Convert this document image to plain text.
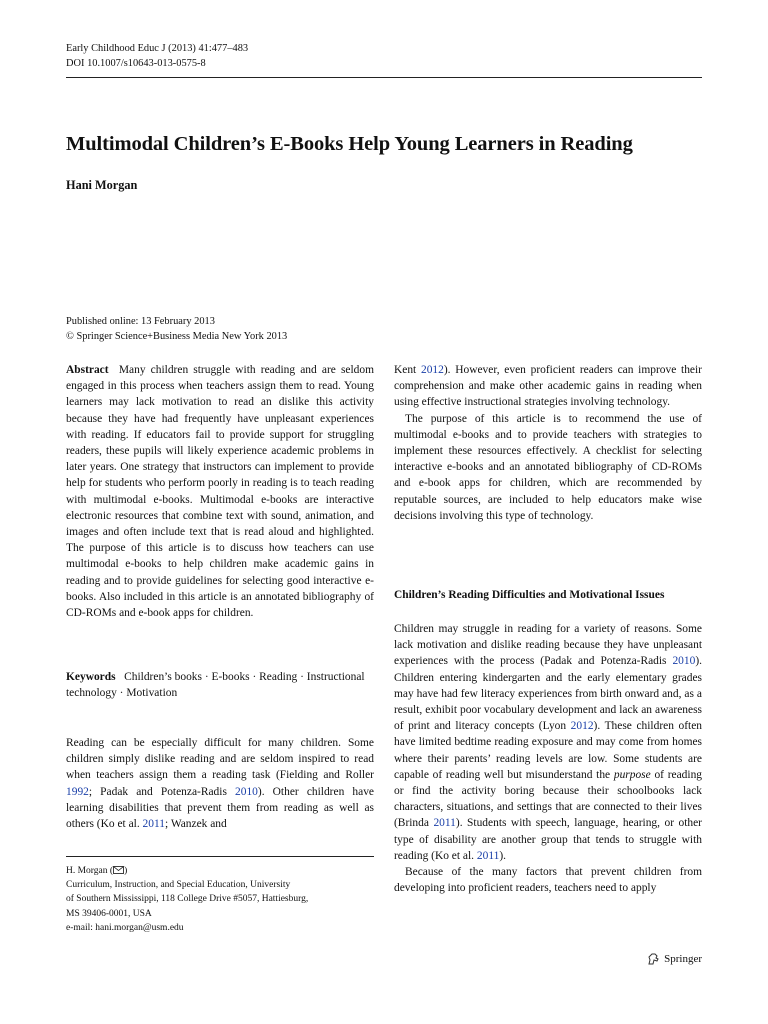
Early Childhood Educ J (2013) 41:477–483
DOI 10.1007/s10643-013-0575-8
Multimodal Children’s E-Books Help Young Learners in Reading
Hani Morgan
Published online: 13 February 2013
© Springer Science+Business Media New York 2013

Abstract Many children struggle with reading and are seldom engaged in this process when teachers assign them to read. Young learners may lack motivation to read an dislike this activity because they have had frequently have unpleasant experiences with reading. If educators fail to provide support for struggling readers, these pupils will likely experience academic problems in later years. One strategy that instructors can implement to provide help for students who perform poorly in reading is to teach reading with multimodal e-books. Multimodal e-books are interactive electronic resources that combine text with sound, animation, and images and often include text that is read aloud and highlighted. The purpose of this article is to discuss how teachers can use multimodal e-books to help children make academic gains in reading and to provide guidelines for selecting good interactive e-books. Also included in this article is an annotated bibliography of CD-ROMs and e-book apps for children.

Keywords Children’s books · E-books · Reading · Instructional technology · Motivation

Reading can be especially difficult for many children. Some children simply dislike reading and are seldom inspired to read when teachers assign them a reading task (Fielding and Roller 1992; Padak and Potenza-Radis 2010). Other children have learning disabilities that prevent them from reading as well as others (Ko et al. 2011; Wanzek and

H. Morgan ( )
Curriculum, Instruction, and Special Education, University
of Southern Mississippi, 118 College Drive #5057, Hattiesburg,
MS 39406-0001, USA
e-mail: hani.morgan@usm.edu

Kent 2012). However, even proficient readers can improve their comprehension and make other academic gains in reading when using effective instructional strategies involving technology.

The purpose of this article is to recommend the use of multimodal e-books and to provide teachers with strategies to implement these resources effectively. A checklist for selecting interactive e-books and an annotated bibliography of CD-ROMs and e-book apps for children, which are recommended by reputable sources, are included to help educators make wise decisions involving this type of technology.

Children’s Reading Difficulties and Motivational Issues

Children may struggle in reading for a variety of reasons. Some lack motivation and dislike reading because they have unpleasant experiences with the process (Padak and Potenza-Radis 2010). Children entering kindergarten and the early elementary grades may have had few literacy experiences from birth onward and, as a result, exhibit poor vocabulary development and lack an awareness of print and literacy concepts (Lyon 2012). These children often have limited bedtime reading exposure and may come from homes where their parents’ reading levels are low. Some students are capable of reading well but misunderstand the purpose of reading or find the activity boring because their schoolbooks lack characters, situations, and settings that are connected to their lives (Brinda 2011). Students with speech, language, hearing, or other type of disability are another group that tends to struggle with reading (Ko et al. 2011).

Because of the many factors that prevent children from developing into proficient readers, teachers need to apply

Springer
